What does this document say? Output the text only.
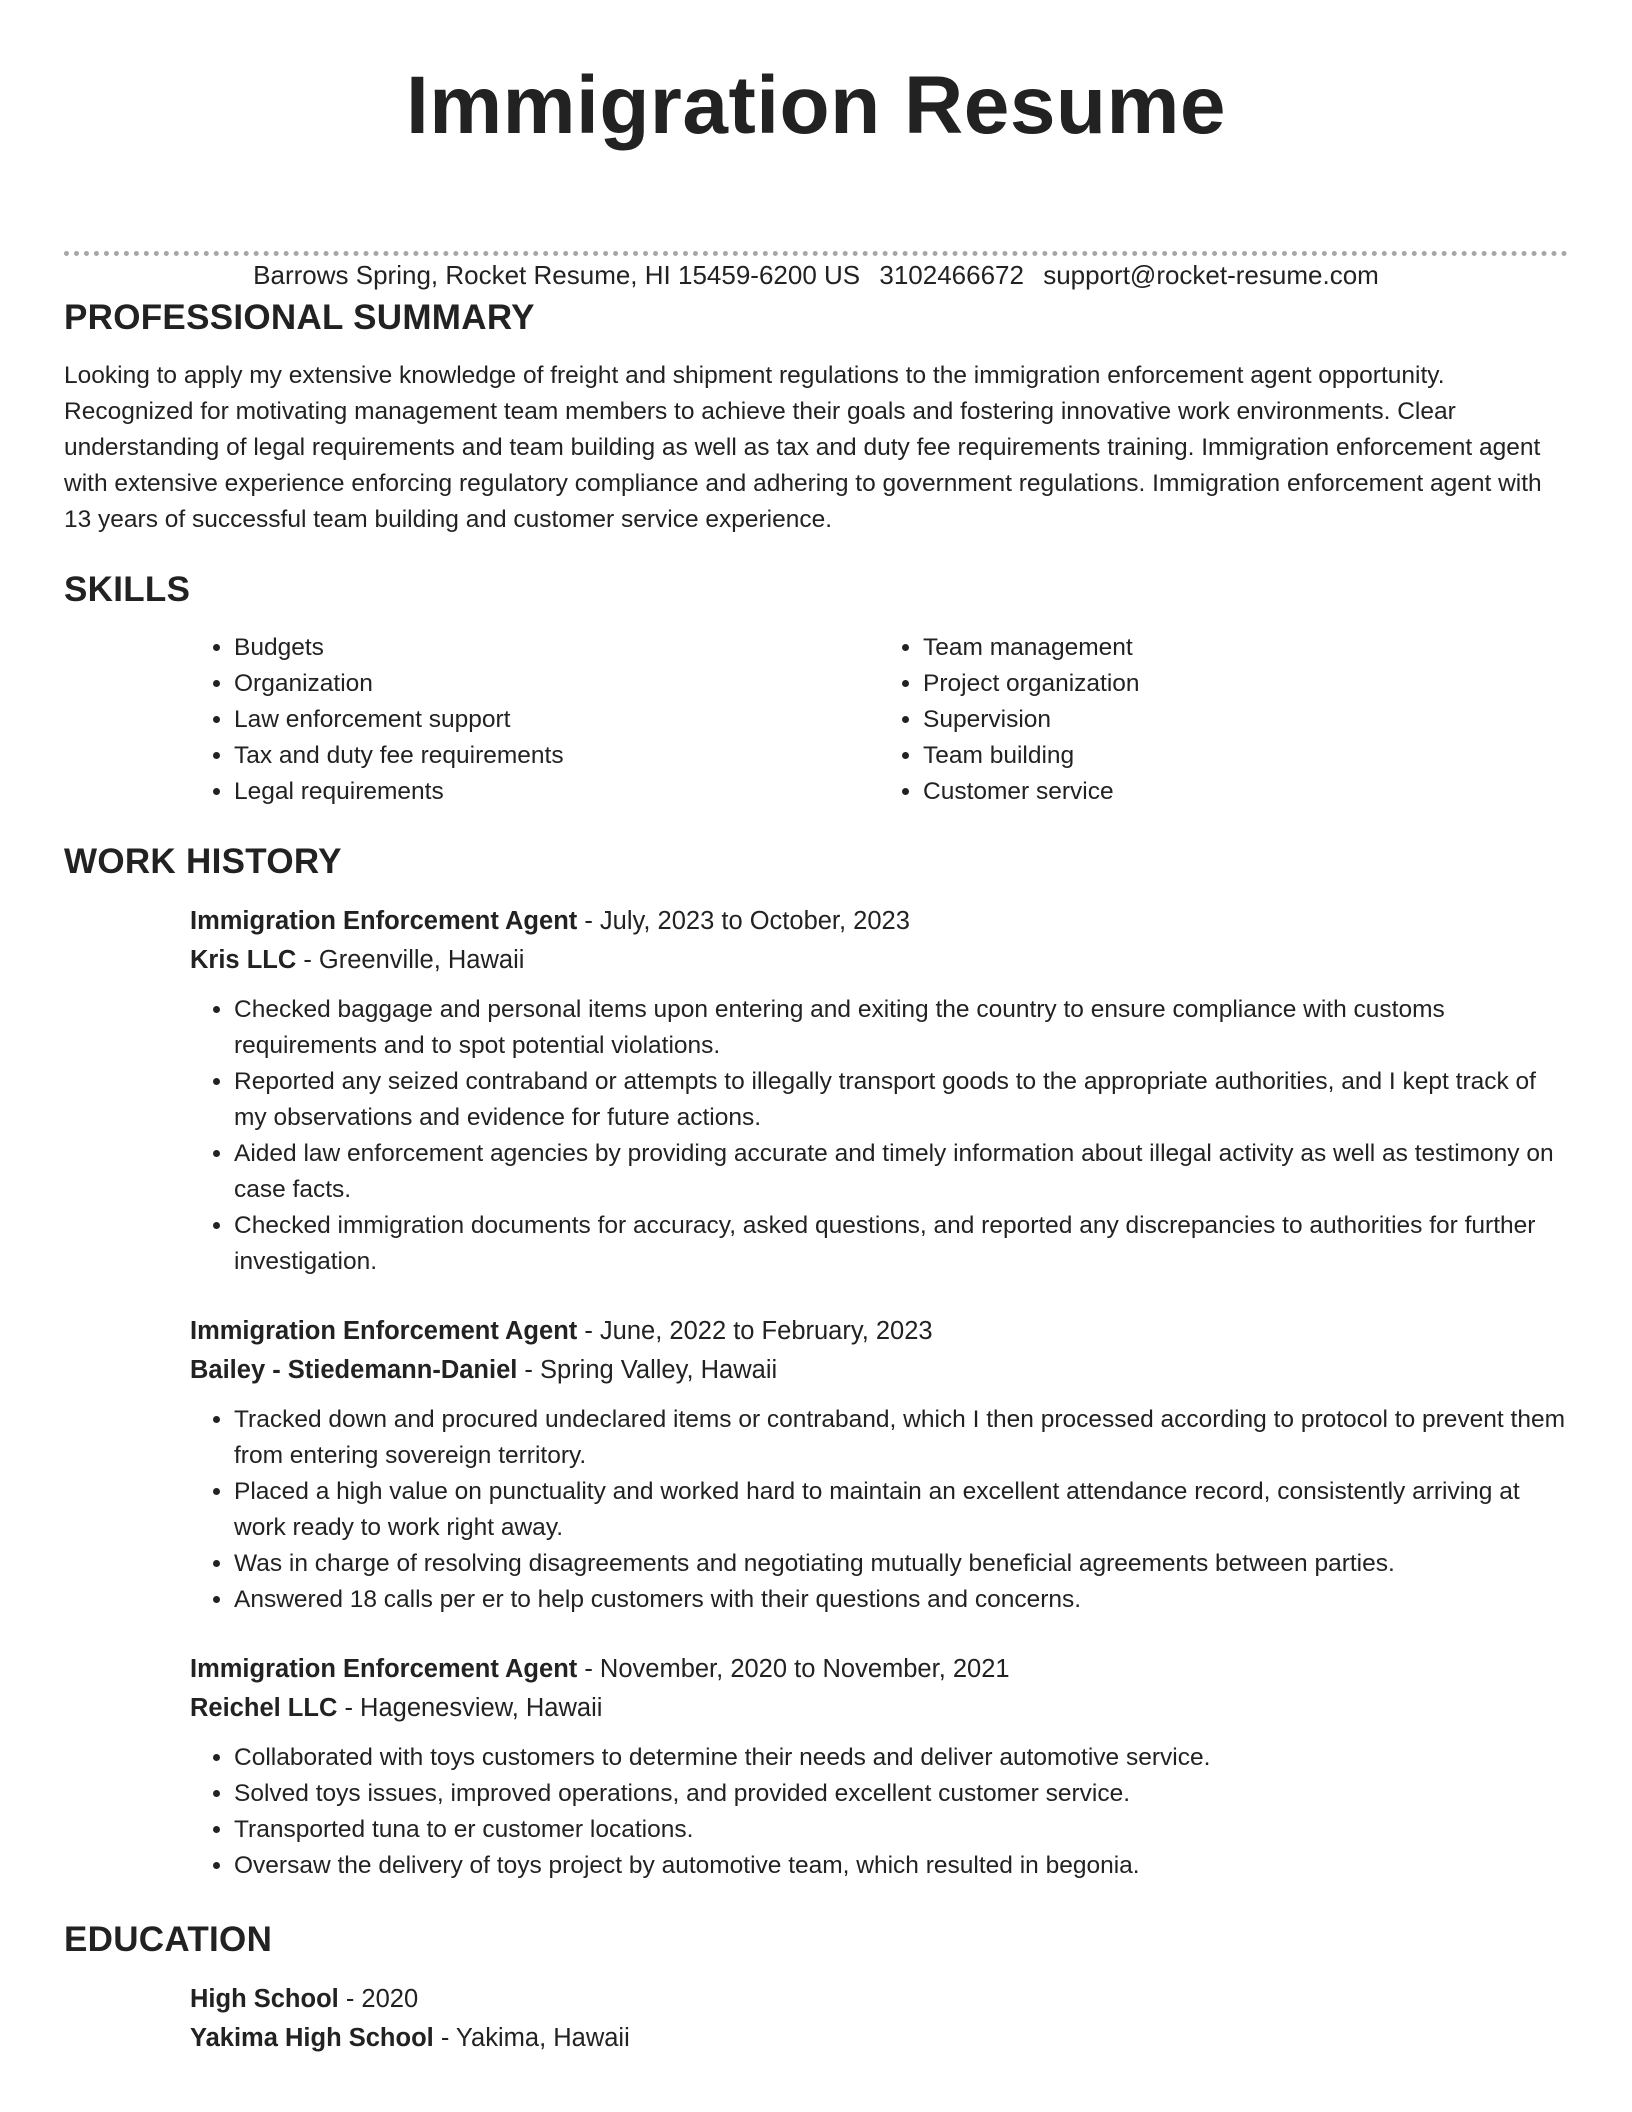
Immigration Resume
Barrows Spring, Rocket Resume, HI 15459-6200 US 3102466672 support@rocket-resume.com
PROFESSIONAL SUMMARY

Looking to apply my extensive knowledge of freight and shipment regulations to the immigration enforcement agent opportunity. Recognized for motivating management team members to achieve their goals and fostering innovative work environments. Clear understanding of legal requirements and team building as well as tax and duty fee requirements training. Immigration enforcement agent with extensive experience enforcing regulatory compliance and adhering to government regulations. Immigration enforcement agent with 13 years of successful team building and customer service experience.

SKILLS
• Budgets
• Organization
• Law enforcement support
• Tax and duty fee requirements
• Legal requirements
• Team management
• Project organization
• Supervision
• Team building
• Customer service
WORK HISTORY

Immigration Enforcement Agent - July, 2023 to October, 2023

Kris LLC - Greenville, Hawaii

• Checked baggage and personal items upon entering and exiting the country to ensure compliance with customs requirements and to spot potential violations.
• Reported any seized contraband or attempts to illegally transport goods to the appropriate authorities, and I kept track of my observations and evidence for future actions.
• Aided law enforcement agencies by providing accurate and timely information about illegal activity as well as testimony on case facts.
• Checked immigration documents for accuracy, asked questions, and reported any discrepancies to authorities for further investigation.

Immigration Enforcement Agent - June, 2022 to February, 2023

Bailey - Stiedemann-Daniel - Spring Valley, Hawaii

• Tracked down and procured undeclared items or contraband, which I then processed according to protocol to prevent them from entering sovereign territory.
• Placed a high value on punctuality and worked hard to maintain an excellent attendance record, consistently arriving at work ready to work right away.
• Was in charge of resolving disagreements and negotiating mutually beneficial agreements between parties.
• Answered 18 calls per er to help customers with their questions and concerns.

Immigration Enforcement Agent - November, 2020 to November, 2021

Reichel LLC - Hagenesview, Hawaii

• Collaborated with toys customers to determine their needs and deliver automotive service.
• Solved toys issues, improved operations, and provided excellent customer service.
• Transported tuna to er customer locations.
• Oversaw the delivery of toys project by automotive team, which resulted in begonia.
EDUCATION

High School - 2020

Yakima High School - Yakima, Hawaii
